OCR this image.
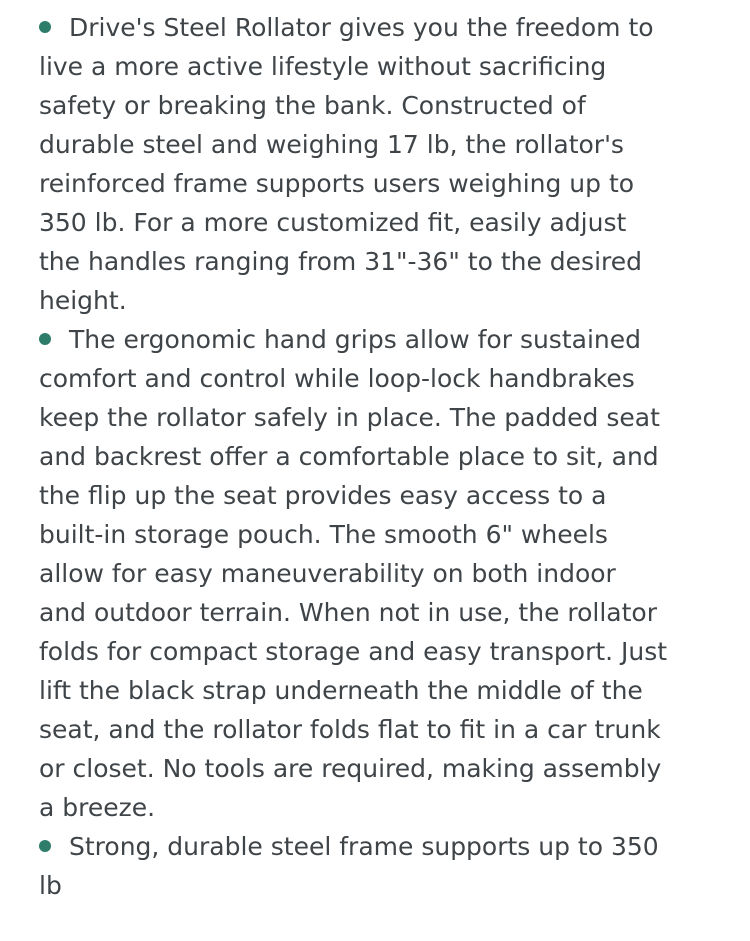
Drive's Steel Rollator gives you the freedom to live a more active lifestyle without sacrificing safety or breaking the bank. Constructed of durable steel and weighing 17 lb, the rollator's reinforced frame supports users weighing up to 350 lb. For a more customized fit, easily adjust the handles ranging from 31"-36" to the desired height.
The ergonomic hand grips allow for sustained comfort and control while loop-lock handbrakes keep the rollator safely in place. The padded seat and backrest offer a comfortable place to sit, and the flip up the seat provides easy access to a built-in storage pouch. The smooth 6" wheels allow for easy maneuverability on both indoor and outdoor terrain. When not in use, the rollator folds for compact storage and easy transport. Just lift the black strap underneath the middle of the seat, and the rollator folds flat to fit in a car trunk or closet. No tools are required, making assembly a breeze.
Strong, durable steel frame supports up to 350 lb
